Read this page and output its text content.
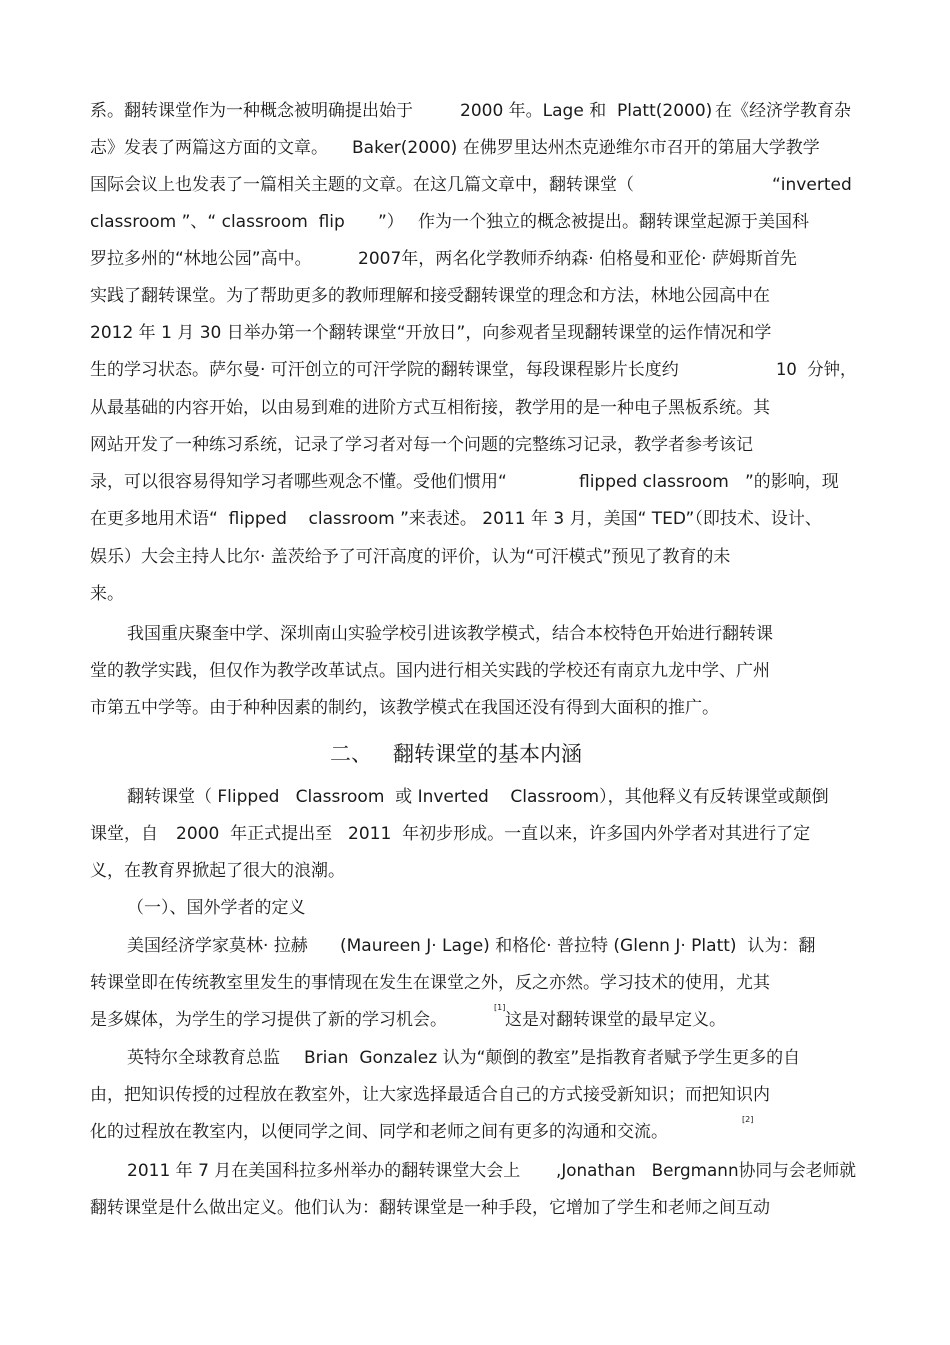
系。翻转课堂作为一种概念被明确提出始于

	2000 年。Lage 和  Platt(2000)

在《经济学教育杂

志》发表了两篇这方面的文章。

Baker(2000) 在佛罗里达州杰克逊维尔市召开的第届大学教学

国际会议上也发表了一篇相关主题的文章。在这几篇文章中，翻转课堂（

	“inverted

classroom ”、“ classroom  flip

”）

作为一个独立的概念被提出。翻转课堂起源于美国科

罗拉多州的“林地公园”高中。

	2007年，两名化学教师乔纳森· 伯格曼和亚伦· 萨姆斯首先

实践了翻转课堂。为了帮助更多的教师理解和接受翻转课堂的理念和方法，林地公园高中在

2012 年 1 月 30 日举办第一个翻转课堂“开放日”，向参观者呈现翻转课堂的运作情况和学

生的学习状态。萨尔曼· 可汗创立的可汗学院的翻转课堂，每段课程影片长度约

	10  分钟，

从最基础的内容开始，以由易到难的进阶方式互相衔接，教学用的是一种电子黑板系统。其

网站开发了一种练习系统，记录了学习者对每一个问题的完整练习记录，教学者参考该记

录，可以很容易得知学习者哪些观念不懂。受他们惯用“

	flipped classroom

”的影响，现

在更多地用术语“  flipped    classroom ”来表述。 2011 年 3 月，美国“ TED”（即技术、设计、

娱乐）大会主持人比尔· 盖茨给予了可汗高度的评价，认为“可汗模式”预见了教育的未

来。

我国重庆聚奎中学、深圳南山实验学校引进该教学模式，结合本校特色开始进行翻转课

堂的教学实践，但仅作为教学改革试点。国内进行相关实践的学校还有南京九龙中学、广州

市第五中学等。由于种种因素的制约，该教学模式在我国还没有得到大面积的推广。

二、

翻转课堂的基本内涵

翻转课堂（ Flipped   Classroom  或 Inverted    Classroom），其他释义有反转课堂或颠倒

课堂，自

2000  年正式提出至

2011  年初步形成。一直以来，许多国内外学者对其进行了定

义，在教育界掀起了很大的浪潮。

（一）、国外学者的定义

美国经济学家莫林· 拉赫

(Maureen J· Lage) 和格伦· 普拉特 (Glenn J· Platt)  认为：翻

转课堂即在传统教室里发生的事情现在发生在课堂之外，反之亦然。学习技术的使用，尤其

是多媒体，为学生的学习提供了新的学习机会。

[1]

这是对翻转课堂的最早定义。

英特尔全球教育总监

Brian  Gonzalez 认为“颠倒的教室”是指教育者赋予学生更多的自

由，把知识传授的过程放在教室外，让大家选择最适合自己的方式接受新知识；而把知识内

化的过程放在教室内，以便同学之间、同学和老师之间有更多的沟通和交流。

[2]

2011 年 7 月在美国科拉多州举办的翻转课堂大会上

,Jonathan   Bergmann协同与会老师就

翻转课堂是什么做出定义。他们认为：翻转课堂是一种手段，它增加了学生和老师之间互动
